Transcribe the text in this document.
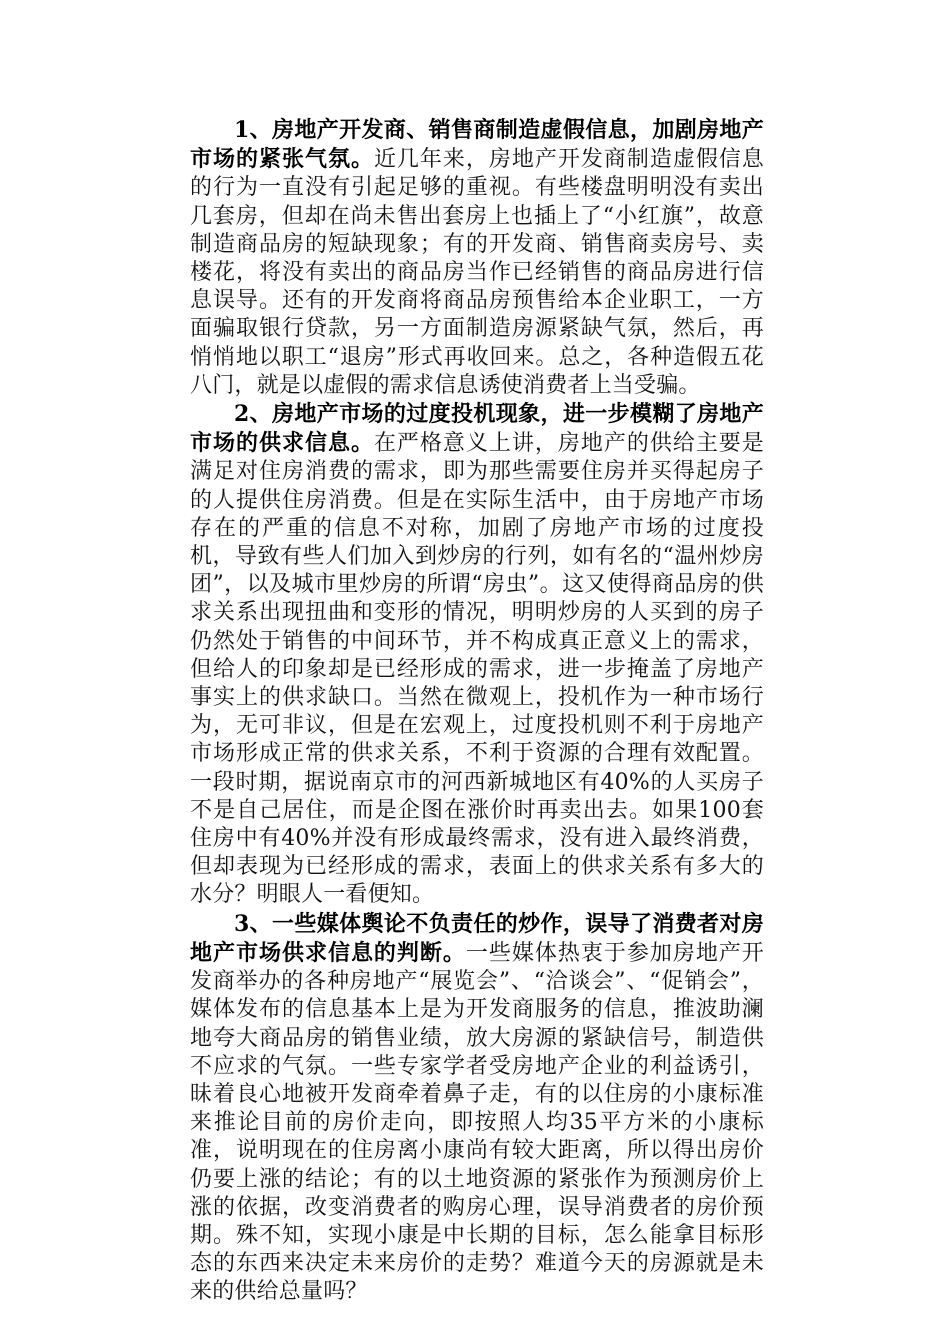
1、房地产开发商、销售商制造虚假信息，加剧房地产市场的紧张气氛。近几年来，房地产开发商制造虚假信息的行为一直没有引起足够的重视。有些楼盘明明没有卖出几套房，但却在尚未售出套房上也插上了“小红旗”，故意制造商品房的短缺现象；有的开发商、销售商卖房号、卖楼花，将没有卖出的商品房当作已经销售的商品房进行信息误导。还有的开发商将商品房预售给本企业职工，一方面骗取银行贷款，另一方面制造房源紧缺气氛，然后，再悄悄地以职工“退房”形式再收回来。总之，各种造假五花八门，就是以虚假的需求信息诱使消费者上当受骗。

2、房地产市场的过度投机现象，进一步模糊了房地产市场的供求信息。在严格意义上讲，房地产的供给主要是满足对住房消费的需求，即为那些需要住房并买得起房子的人提供住房消费。但是在实际生活中，由于房地产市场存在的严重的信息不对称，加剧了房地产市场的过度投机，导致有些人们加入到炒房的行列，如有名的“温州炒房团”，以及城市里炒房的所谓“房虫”。这又使得商品房的供求关系出现扭曲和变形的情况，明明炒房的人买到的房子仍然处于销售的中间环节，并不构成真正意义上的需求，但给人的印象却是已经形成的需求，进一步掩盖了房地产事实上的供求缺口。当然在微观上，投机作为一种市场行为，无可非议，但是在宏观上，过度投机则不利于房地产市场形成正常的供求关系，不利于资源的合理有效配置。一段时期，据说南京市的河西新城地区有40%的人买房子不是自己居住，而是企图在涨价时再卖出去。如果100套住房中有40%并没有形成最终需求，没有进入最终消费，但却表现为已经形成的需求，表面上的供求关系有多大的水分？明眼人一看便知。

3、一些媒体舆论不负责任的炒作，误导了消费者对房地产市场供求信息的判断。一些媒体热衷于参加房地产开发商举办的各种房地产“展览会”、“洽谈会”、“促销会”，媒体发布的信息基本上是为开发商服务的信息，推波助澜地夸大商品房的销售业绩，放大房源的紧缺信号，制造供不应求的气氛。一些专家学者受房地产企业的利益诱引，昧着良心地被开发商牵着鼻子走，有的以住房的小康标准来推论目前的房价走向，即按照人均35平方米的小康标准，说明现在的住房离小康尚有较大距离，所以得出房价仍要上涨的结论；有的以土地资源的紧张作为预测房价上涨的依据，改变消费者的购房心理，误导消费者的房价预期。殊不知，实现小康是中长期的目标，怎么能拿目标形态的东西来决定未来房价的走势？难道今天的房源就是未来的供给总量吗？
